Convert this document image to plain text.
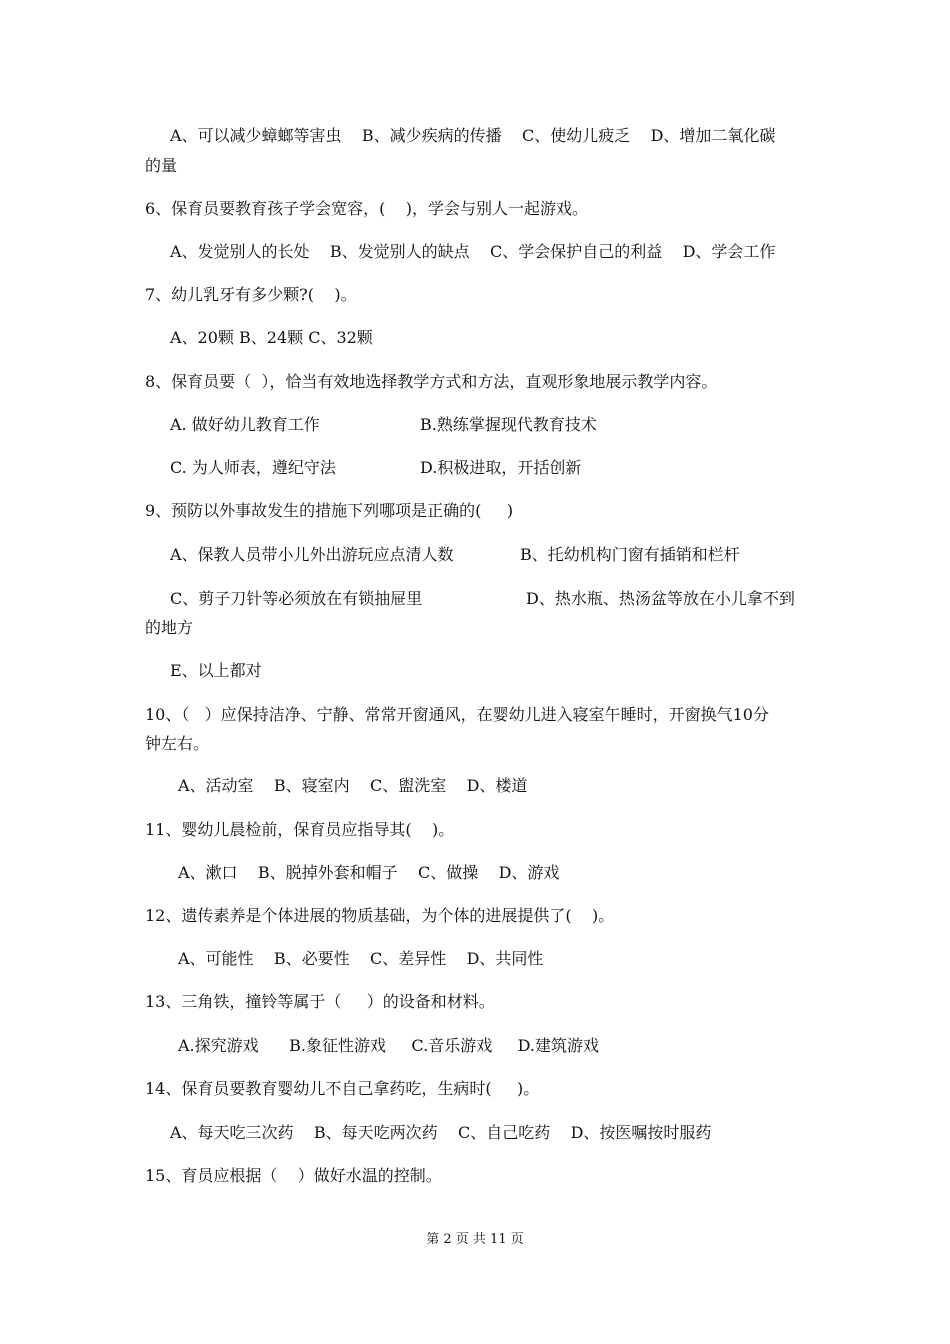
A、可以减少蟑螂等害虫    B、减少疾病的传播    C、使幼儿疲乏    D、增加二氧化碳
的量
6、保育员要教育孩子学会宽容，(    )，学会与别人一起游戏。
A、发觉别人的长处    B、发觉别人的缺点    C、学会保护自己的利益    D、学会工作
7、幼儿乳牙有多少颗?(    )。
A、20颗 B、24颗 C、32颗
8、保育员要（  ），恰当有效地选择教学方式和方法，直观形象地展示教学内容。
A. 做好幼儿教育工作	B.熟练掌握现代教育技术
C. 为人师表，遵纪守法	D.积极进取，开括创新
9、预防以外事故发生的措施下列哪项是正确的(     )
A、保教人员带小儿外出游玩应点清人数	B、托幼机构门窗有插销和栏杆
C、剪子刀针等必须放在有锁抽屉里	D、热水瓶、热汤盆等放在小儿拿不到
的地方
E、以上都对
10、（   ）应保持洁净、宁静、常常开窗通风，在婴幼儿进入寝室午睡时，开窗换气10分
钟左右。
A、活动室    B、寝室内    C、盥洗室    D、楼道
11、婴幼儿晨检前，保育员应指导其(    )。
A、漱口    B、脱掉外套和帽子    C、做操    D、游戏
12、遗传素养是个体进展的物质基础，为个体的进展提供了(    )。
A、可能性    B、必要性    C、差异性    D、共同性
13、三角铁，撞铃等属于（     ）的设备和材料。
A.探究游戏      B.象征性游戏     C.音乐游戏     D.建筑游戏
14、保育员要教育婴幼儿不自己拿药吃，生病时(     )。
A、每天吃三次药    B、每天吃两次药    C、自己吃药    D、按医嘱按时服药
15、育员应根据（    ）做好水温的控制。
第 2 页 共 11 页
